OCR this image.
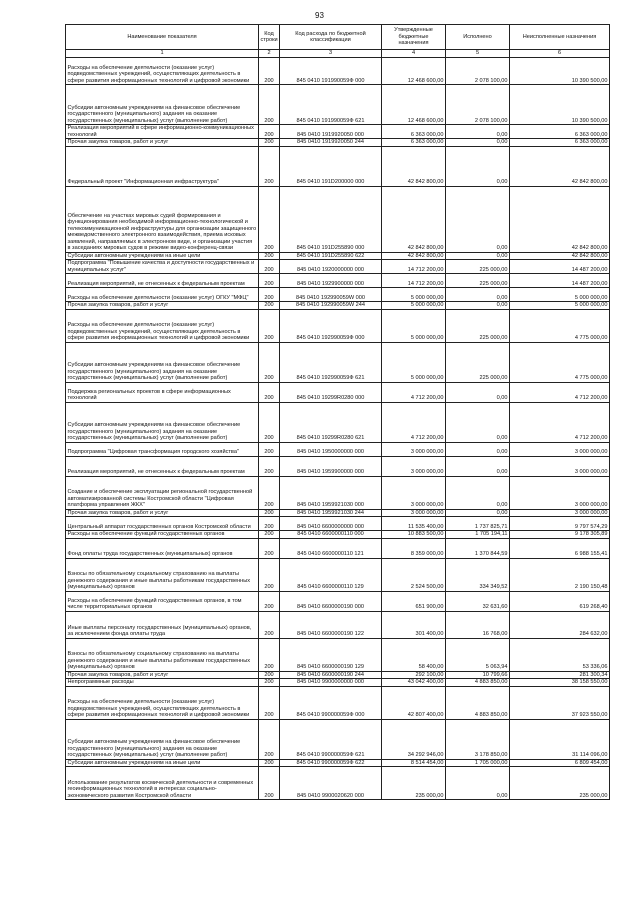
93
Наименование показателя	Код строки	Код расхода по бюджетной классификации	Утвержденные бюджетные назначения	Исполнено	Неисполненные назначения
1	2	3	4	5	6
Расходы на обеспечение деятельности (оказание услуг) подведомственных учреждений, осуществляющих деятельность в сфере развития информационных технологий и цифровой экономики	200	845 0410 191990059Ф 000	12 468 600,00	2 078 100,00	10 390 500,00
Субсидии автономным учреждениям на финансовое обеспечение государственного (муниципального) задания на оказание государственных (муниципальных) услуг (выполнение работ)	200	845 0410 191990059Ф 621	12 468 600,00	2 078 100,00	10 390 500,00
Реализация мероприятий в сфере информационно-коммуникационных технологий	200	845 0410 1919920050 000	6 363 000,00	0,00	6 363 000,00
Прочая закупка товаров, работ и услуг	200	845 0410 1919920050 244	6 363 000,00	0,00	6 363 000,00
Федеральный проект "Информационная инфраструктура"	200	845 0410 191D200000 000	42 842 800,00	0,00	42 842 800,00
Обеспечение на участках мировых судей формирования и функционирования необходимой информационно-технологической и телекоммуникационной инфраструктуры для организации защищенного межведомственного электронного взаимодействия, приема исковых заявлений, направляемых в электронном виде, и организации участия в заседаниях мировых судов в режиме видео-конференц-связи	200	845 0410 191D255890 000	42 842 800,00	0,00	42 842 800,00
Субсидии автономным учреждениям на иные цели	200	845 0410 191D255890 622	42 842 800,00	0,00	42 842 800,00
Подпрограмма "Повышение качества и доступности государственных и муниципальных услуг"	200	845 0410 1920000000 000	14 712 200,00	225 000,00	14 487 200,00
Реализация мероприятий, не отнесенных к федеральным проектам	200	845 0410 1929900000 000	14 712 200,00	225 000,00	14 487 200,00
Расходы на обеспечение деятельности (оказание услуг) ОГКУ "МФЦ"	200	845 0410 192990059W 000	5 000 000,00	0,00	5 000 000,00
Прочая закупка товаров, работ и услуг	200	845 0410 192990059W 244	5 000 000,00	0,00	5 000 000,00
Расходы на обеспечение деятельности (оказание услуг) подведомственных учреждений, осуществляющих деятельность в сфере развития информационных технологий и цифровой экономики	200	845 0410 192990059Ф 000	5 000 000,00	225 000,00	4 775 000,00
Субсидии автономным учреждениям на финансовое обеспечение государственного (муниципального) задания на оказание государственных (муниципальных) услуг (выполнение работ)	200	845 0410 192990059Ф 621	5 000 000,00	225 000,00	4 775 000,00
Поддержка региональных проектов в сфере информационных технологий	200	845 0410 19299R0280 000	4 712 200,00	0,00	4 712 200,00
Субсидии автономным учреждениям на финансовое обеспечение государственного (муниципального) задания на оказание государственных (муниципальных) услуг (выполнение работ)	200	845 0410 19299R0280 621	4 712 200,00	0,00	4 712 200,00
Подпрограмма "Цифровая трансформация городского хозяйства"	200	845 0410 1950000000 000	3 000 000,00	0,00	3 000 000,00
Реализация мероприятий, не отнесенных к федеральным проектам	200	845 0410 1959900000 000	3 000 000,00	0,00	3 000 000,00
Создание и обеспечение эксплуатации региональной государственной автоматизированной системы Костромской области "Цифровая платформа управления ЖКХ"	200	845 0410 1959921030 000	3 000 000,00	0,00	3 000 000,00
Прочая закупка товаров, работ и услуг	200	845 0410 1959921030 244	3 000 000,00	0,00	3 000 000,00
Центральный аппарат государственных органов Костромской области	200	845 0410 6600000000 000	11 535 400,00	1 737 825,71	9 797 574,29
Расходы на обеспечение функций государственных органов	200	845 0410 6600000110 000	10 883 500,00	1 705 194,11	9 178 305,89
Фонд оплаты труда государственных (муниципальных) органов	200	845 0410 6600000110 121	8 359 000,00	1 370 844,59	6 988 155,41
Взносы по обязательному социальному страхованию на выплаты денежного содержания и иные выплаты работникам государственных (муниципальных) органов	200	845 0410 6600000110 129	2 524 500,00	334 349,52	2 190 150,48
Расходы на обеспечение функций государственных органов, в том числе территориальных органов	200	845 0410 6600000190 000	651 900,00	32 631,60	619 268,40
Иные выплаты персоналу государственных (муниципальных) органов, за исключением фонда оплаты труда	200	845 0410 6600000190 122	301 400,00	16 768,00	284 632,00
Взносы по обязательному социальному страхованию на выплаты денежного содержания и иные выплаты работникам государственных (муниципальных) органов	200	845 0410 6600000190 129	58 400,00	5 063,94	53 336,06
Прочая закупка товаров, работ и услуг	200	845 0410 6600000190 244	292 100,00	10 799,66	281 300,34
Непрограммные расходы	200	845 0410 9900000000 000	43 042 400,00	4 883 850,00	38 158 550,00
Расходы на обеспечение деятельности (оказание услуг) подведомственных учреждений, осуществляющих деятельность в сфере развития информационных технологий и цифровой экономики	200	845 0410 990000059Ф 000	42 807 400,00	4 883 850,00	37 923 550,00
Субсидии автономным учреждениям на финансовое обеспечение государственного (муниципального) задания на оказание государственных (муниципальных) услуг (выполнение работ)	200	845 0410 990000059Ф 621	34 292 946,00	3 178 850,00	31 114 096,00
Субсидии автономным учреждениям на иные цели	200	845 0410 990000059Ф 622	8 514 454,00	1 705 000,00	6 809 454,00
Использование результатов космической деятельности и современных геоинформационных технологий в интересах социально-экономического развития Костромской области	200	845 0410 9900020620 000	235 000,00	0,00	235 000,00
